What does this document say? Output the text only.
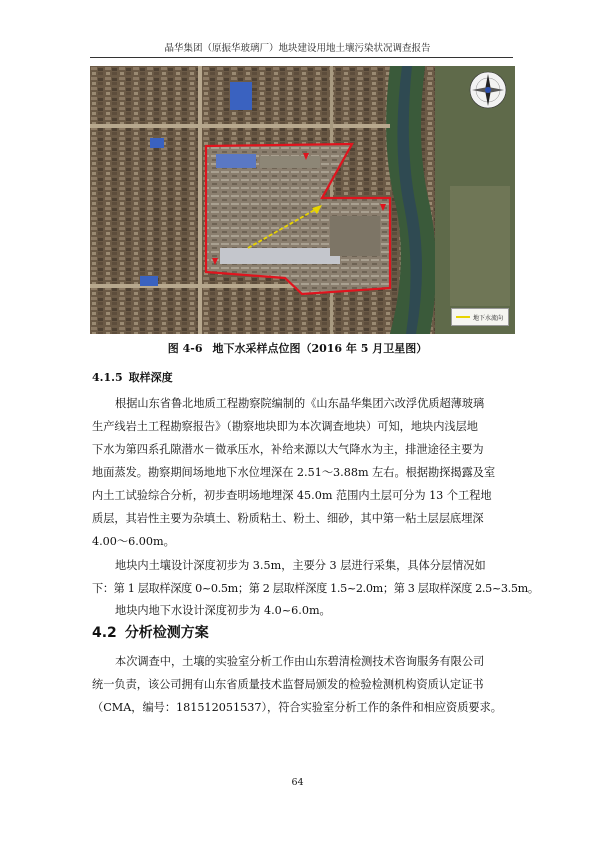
晶华集团（原振华玻璃厂）地块建设用地土壤污染状况调查报告
地下水流向
图 4-6 地下水采样点位图（2016 年 5 月卫星图）
4.1.5 取样深度
根据山东省鲁北地质工程勘察院编制的《山东晶华集团六改浮优质超薄玻璃
生产线岩土工程勘察报告》（勘察地块即为本次调查地块）可知，地块内浅层地
下水为第四系孔隙潜水－微承压水，补给来源以大气降水为主，排泄途径主要为
地面蒸发。勘察期间场地地下水位埋深在 2.51～3.88m 左右。根据勘探揭露及室
内土工试验综合分析，初步查明场地埋深 45.0m 范围内土层可分为 13 个工程地
质层，其岩性主要为杂填土、粉质粘土、粉土、细砂，其中第一粘土层层底埋深
4.00～6.00m。
地块内土壤设计深度初步为 3.5m，主要分 3 层进行采集，具体分层情况如
下：第 1 层取样深度 0~0.5m；第 2 层取样深度 1.5~2.0m；第 3 层取样深度 2.5~3.5m。
地块内地下水设计深度初步为 4.0~6.0m。
4.2 分析检测方案
本次调查中，土壤的实验室分析工作由山东碧清检测技术咨询服务有限公司
统一负责，该公司拥有山东省质量技术监督局颁发的检验检测机构资质认定证书
（CMA，编号：181512051537），符合实验室分析工作的条件和相应资质要求。
64
